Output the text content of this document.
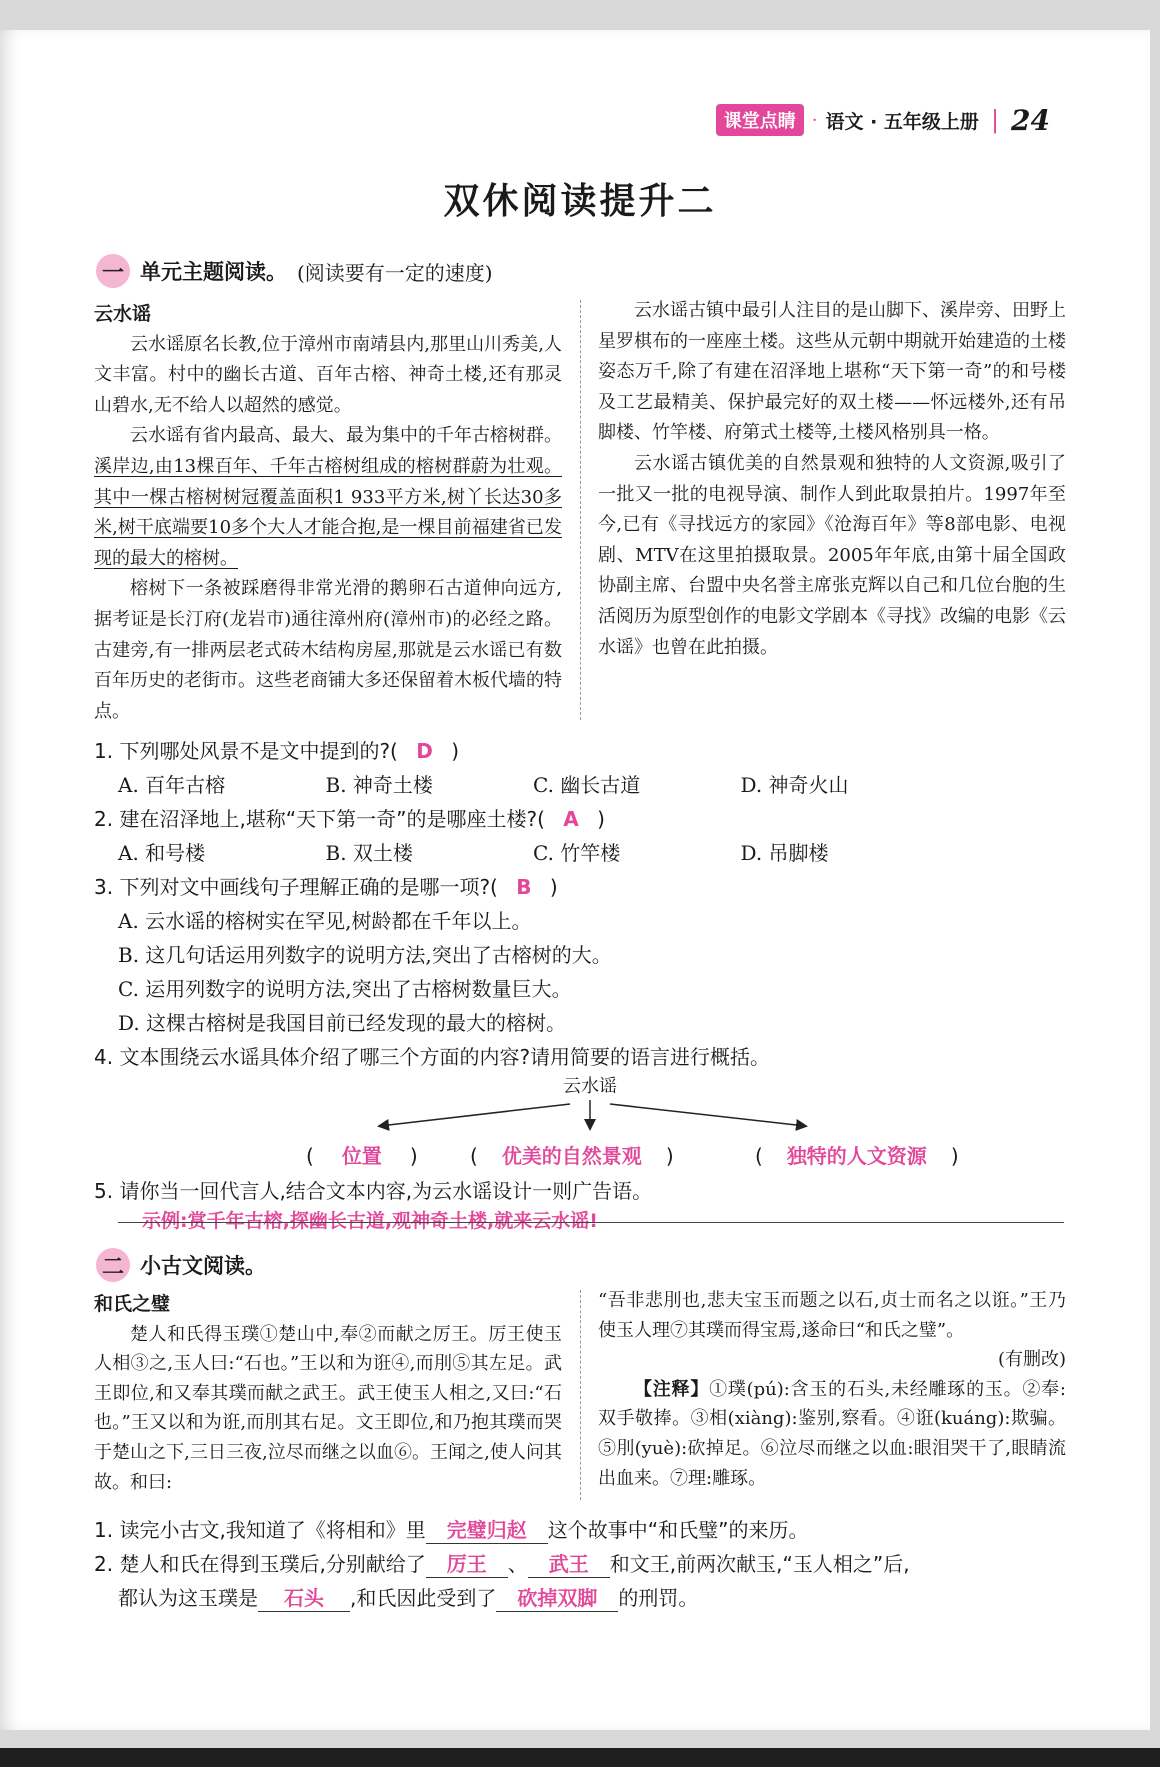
课堂点睛 · 语文 · 五年级上册 | 24
双休阅读提升二
一 单元主题阅读。 (阅读要有一定的速度)

云水谣

云水谣原名长教,位于漳州市南靖县内,那里山川秀美,人文丰富。村中的幽长古道、百年古榕、神奇土楼,还有那灵山碧水,无不给人以超然的感觉。

云水谣有省内最高、最大、最为集中的千年古榕树群。溪岸边,由13棵百年、千年古榕树组成的榕树群蔚为壮观。其中一棵古榕树树冠覆盖面积1 933平方米,树丫长达30多米,树干底端要10多个大人才能合抱,是一棵目前福建省已发现的最大的榕树。

榕树下一条被踩磨得非常光滑的鹅卵石古道伸向远方,据考证是长汀府(龙岩市)通往漳州府(漳州市)的必经之路。古建旁,有一排两层老式砖木结构房屋,那就是云水谣已有数百年历史的老街市。这些老商铺大多还保留着木板代墙的特点。

云水谣古镇中最引人注目的是山脚下、溪岸旁、田野上星罗棋布的一座座土楼。这些从元朝中期就开始建造的土楼姿态万千,除了有建在沼泽地上堪称“天下第一奇”的和号楼及工艺最精美、保护最完好的双土楼——怀远楼外,还有吊脚楼、竹竿楼、府第式土楼等,土楼风格别具一格。

云水谣古镇优美的自然景观和独特的人文资源,吸引了一批又一批的电视导演、制作人到此取景拍片。1997年至今,已有《寻找远方的家园》《沧海百年》等8部电影、电视剧、MTV在这里拍摄取景。2005年年底,由第十届全国政协副主席、台盟中央名誉主席张克辉以自己和几位台胞的生活阅历为原型创作的电影文学剧本《寻找》改编的电影《云水谣》也曾在此拍摄。

1. 下列哪处风景不是文中提到的?( D )
A. 百年古榕	B. 神奇土楼	C. 幽长古道	D. 神奇火山
2. 建在沼泽地上,堪称“天下第一奇”的是哪座土楼?( A )
A. 和号楼	B. 双土楼	C. 竹竿楼	D. 吊脚楼
3. 下列对文中画线句子理解正确的是哪一项?( B )
A. 云水谣的榕树实在罕见,树龄都在千年以上。
B. 这几句话运用列数字的说明方法,突出了古榕树的大。
C. 运用列数字的说明方法,突出了古榕树数量巨大。
D. 这棵古榕树是我国目前已经发现的最大的榕树。
4. 文本围绕云水谣具体介绍了哪三个方面的内容?请用简要的语言进行概括。
云水谣
( 位置 )	( 优美的自然景观 )	( 独特的人文资源 )
5. 请你当一回代言人,结合文本内容,为云水谣设计一则广告语。
示例:赏千年古榕,探幽长古道,观神奇土楼,就来云水谣!
二 小古文阅读。

和氏之璧

楚人和氏得玉璞①楚山中,奉②而献之厉王。厉王使玉人相③之,玉人曰:“石也。”王以和为诳④,而刖⑤其左足。武王即位,和又奉其璞而献之武王。武王使玉人相之,又曰:“石也。”王又以和为诳,而刖其右足。文王即位,和乃抱其璞而哭于楚山之下,三日三夜,泣尽而继之以血⑥。王闻之,使人问其故。和曰:

“吾非悲刖也,悲夫宝玉而题之以石,贞士而名之以诳。”王乃使玉人理⑦其璞而得宝焉,遂命曰“和氏之璧”。

(有删改)

【注释】①璞(pú):含玉的石头,未经雕琢的玉。②奉:双手敬捧。③相(xiàng):鉴别,察看。④诳(kuáng):欺骗。⑤刖(yuè):砍掉足。⑥泣尽而继之以血:眼泪哭干了,眼睛流出血来。⑦理:雕琢。

1. 读完小古文,我知道了《将相和》里 完璧归赵 这个故事中“和氏璧”的来历。
2. 楚人和氏在得到玉璞后,分别献给了 厉王 、 武王 和文王,前两次献玉,“玉人相之”后,
都认为这玉璞是 石头 ,和氏因此受到了 砍掉双脚 的刑罚。
